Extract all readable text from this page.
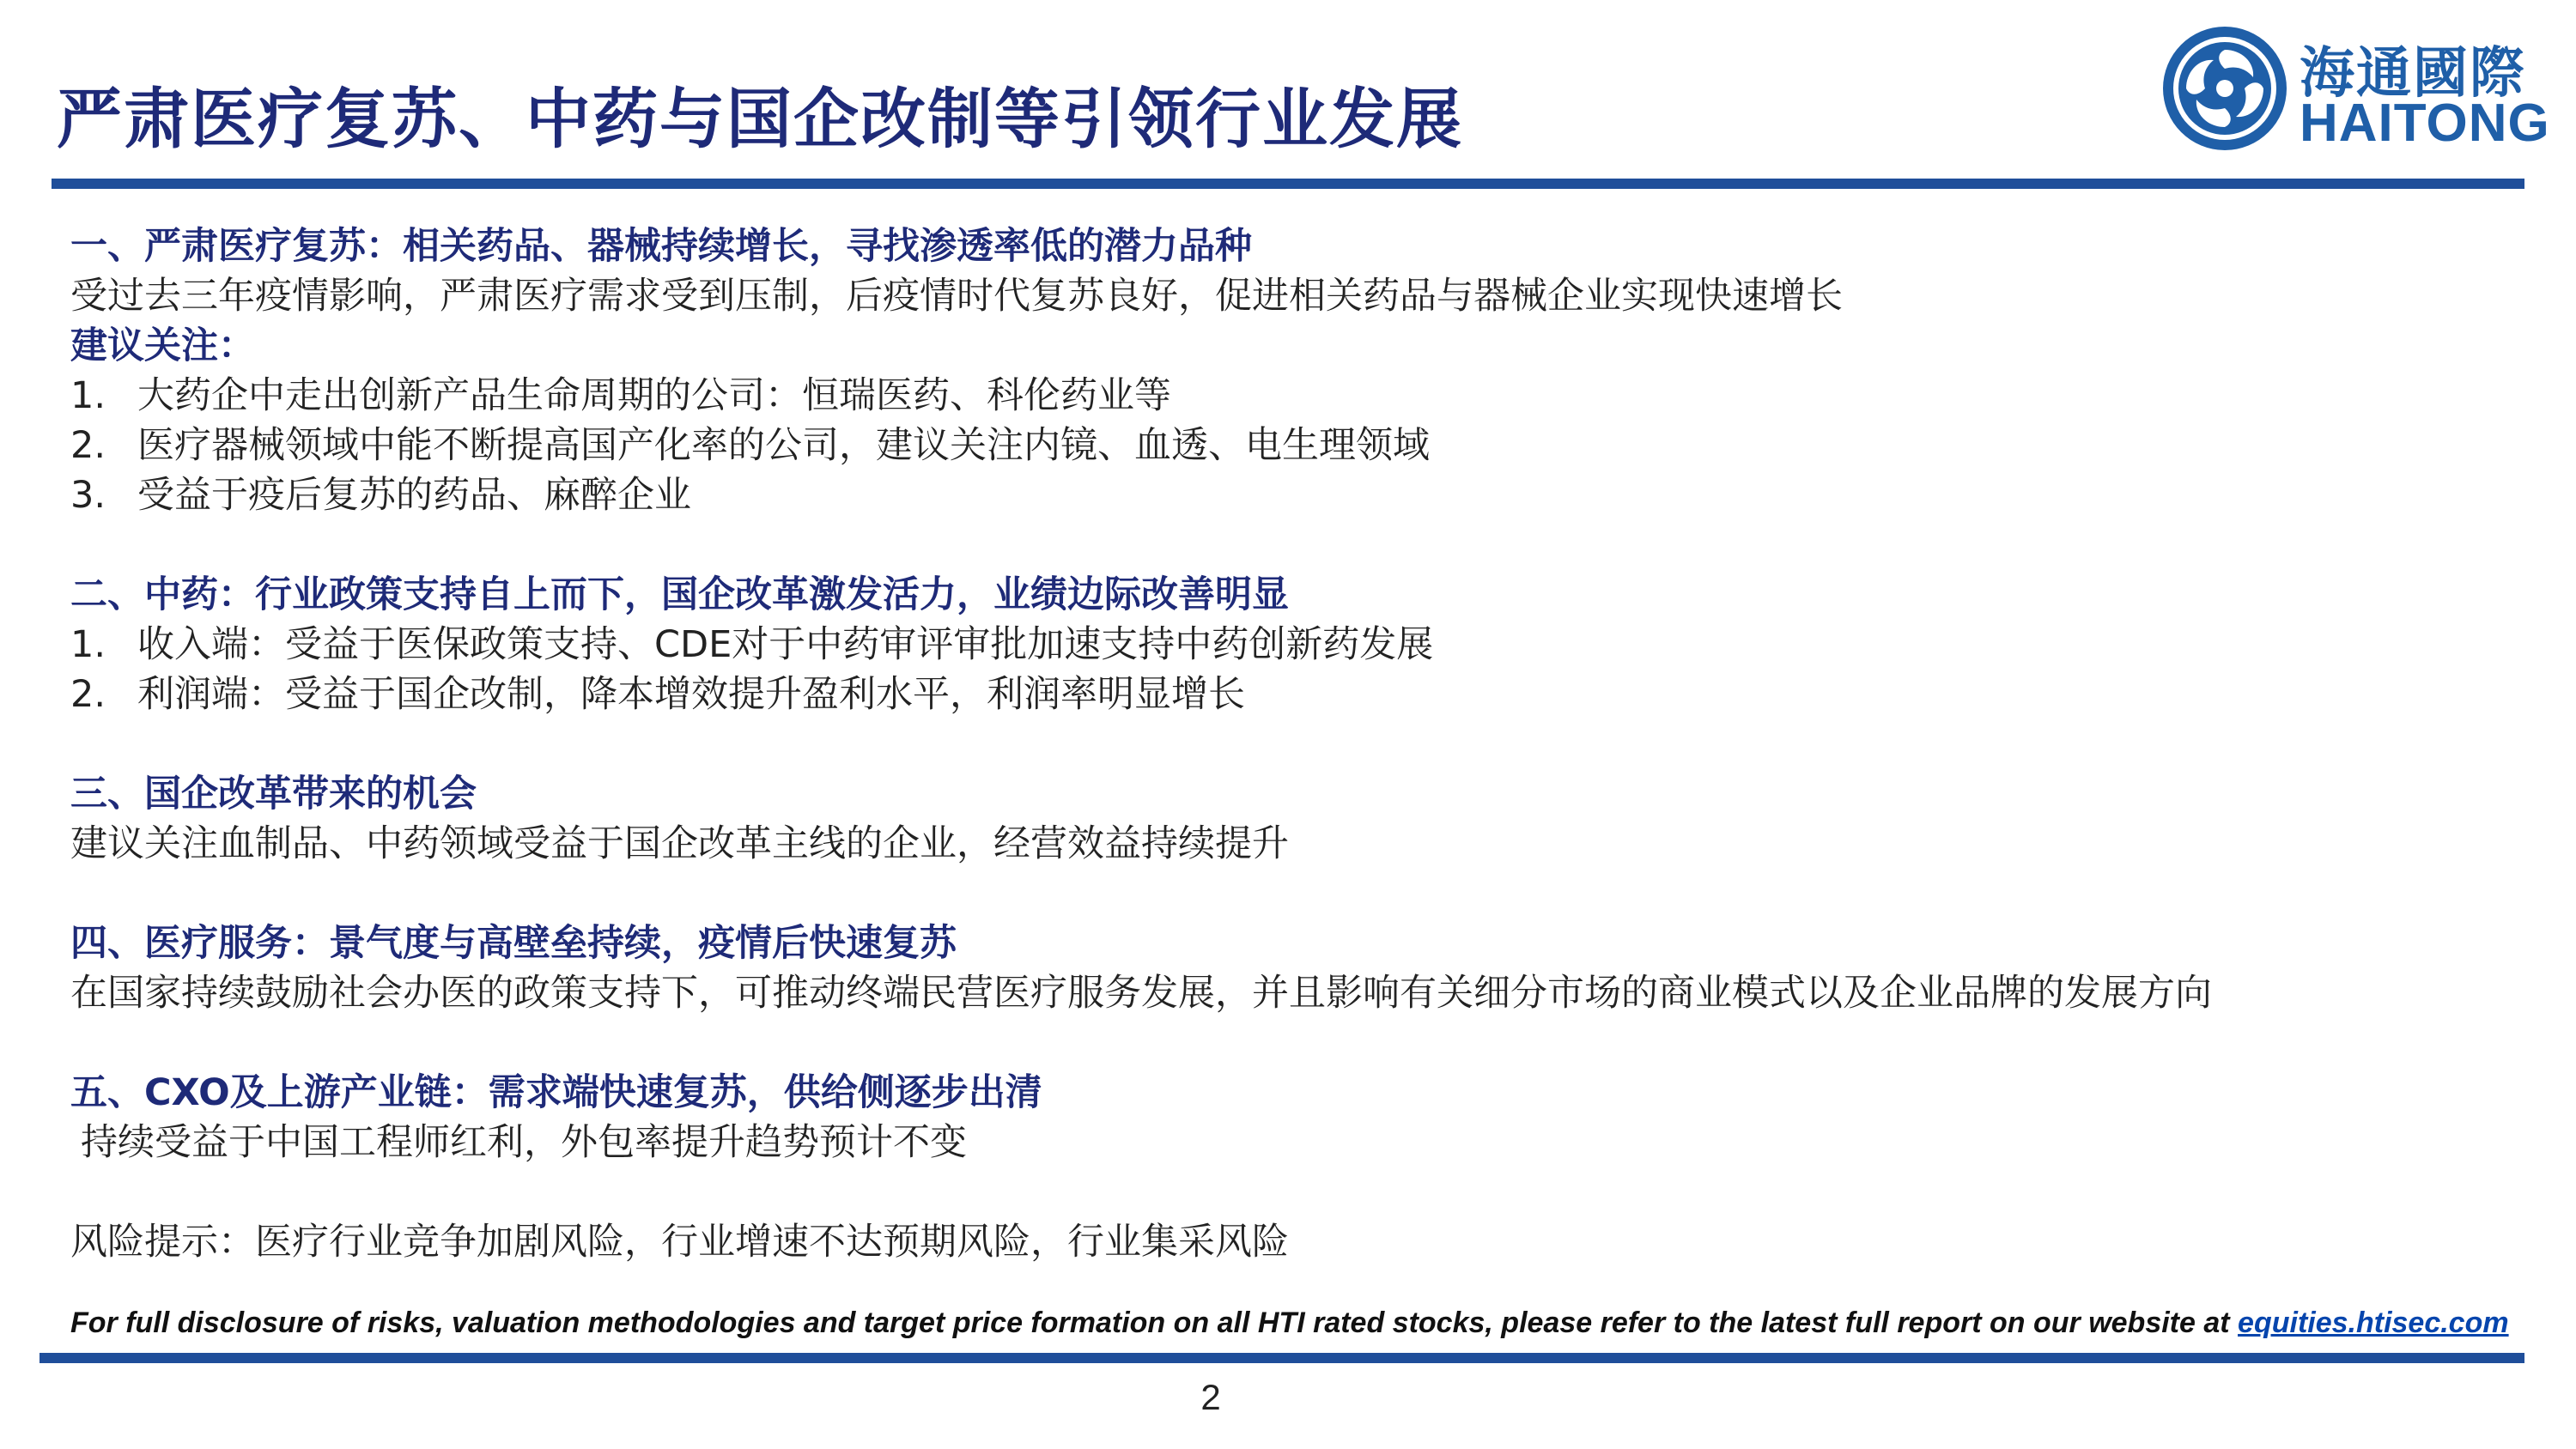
严肃医疗复苏、中药与国企改制等引领行业发展
海通國際
HAITONG
一、严肃医疗复苏：相关药品、器械持续增长，寻找渗透率低的潜力品种
受过去三年疫情影响，严肃医疗需求受到压制，后疫情时代复苏良好，促进相关药品与器械企业实现快速增长
建议关注：
1. 大药企中走出创新产品生命周期的公司：恒瑞医药、科伦药业等
2. 医疗器械领域中能不断提高国产化率的公司，建议关注内镜、血透、电生理领域
3. 受益于疫后复苏的药品、麻醉企业
二、中药：行业政策支持自上而下，国企改革激发活力，业绩边际改善明显
1. 收入端：受益于医保政策支持、CDE对于中药审评审批加速支持中药创新药发展
2. 利润端：受益于国企改制，降本增效提升盈利水平，利润率明显增长
三、国企改革带来的机会
建议关注血制品、中药领域受益于国企改革主线的企业，经营效益持续提升
四、医疗服务：景气度与高壁垒持续，疫情后快速复苏
在国家持续鼓励社会办医的政策支持下，可推动终端民营医疗服务发展，并且影响有关细分市场的商业模式以及企业品牌的发展方向
五、CXO及上游产业链：需求端快速复苏，供给侧逐步出清
持续受益于中国工程师红利，外包率提升趋势预计不变
风险提示：医疗行业竞争加剧风险，行业增速不达预期风险，行业集采风险
For full disclosure of risks, valuation methodologies and target price formation on all HTI rated stocks, please refer to the latest full report on our website at equities.htisec.com
2
